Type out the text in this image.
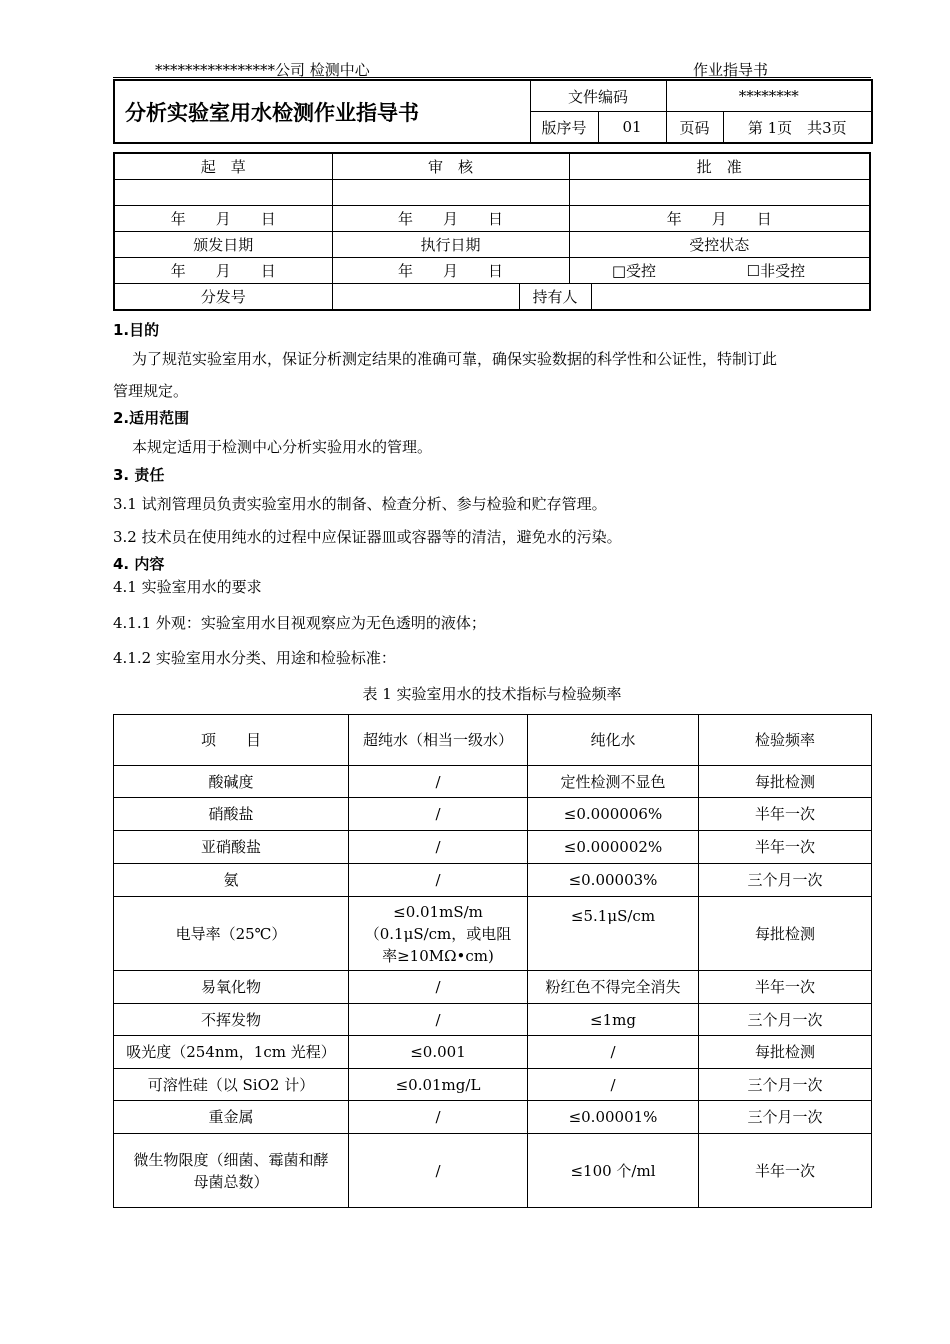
****************公司 检测中心	作业指导书
分析实验室用水检测作业指导书	文件编码		********	
	版序号	01	页码	第 1页　共3页
起　草	审　核		批　准	

年　　月　　日	年　　月　　日		年　　月　　日	
颁发日期	执行日期		受控状态	
年　　月　　日	年　　月　　日		□受控 ☐非受控	
分发号		持有人		
1.目的
为了规范实验室用水，保证分析测定结果的准确可靠，确保实验数据的科学性和公证性，特制订此
管理规定。
2.适用范围
本规定适用于检测中心分析实验用水的管理。
3. 责任
3.1 试剂管理员负责实验室用水的制备、检查分析、参与检验和贮存管理。
3.2 技术员在使用纯水的过程中应保证器皿或容器等的清洁，避免水的污染。
4. 内容
4.1 实验室用水的要求
4.1.1 外观：实验室用水目视观察应为无色透明的液体；
4.1.2 实验室用水分类、用途和检验标准：
表 1 实验室用水的技术指标与检验频率
项　　目	超纯水（相当一级水）	纯化水	检验频率
酸碱度	/	定性检测不显色	每批检测
硝酸盐	/	≤0.000006%	半年一次
亚硝酸盐	/	≤0.000002%	半年一次
氨	/	≤0.00003%	三个月一次
电导率（25℃）	≤0.01mS/m （0.1μS/cm，或电阻率≥10MΩ•cm)	≤5.1μS/cm	每批检测
易氧化物	/	粉红色不得完全消失	半年一次
不挥发物	/	≤1mg	三个月一次
吸光度（254nm，1cm 光程）	≤0.001	/	每批检测
可溶性硅（以 SiO2 计）	≤0.01mg/L	/	三个月一次
重金属	/	≤0.00001%	三个月一次
微生物限度（细菌、霉菌和酵母菌总数）	/	≤100 个/ml	半年一次
